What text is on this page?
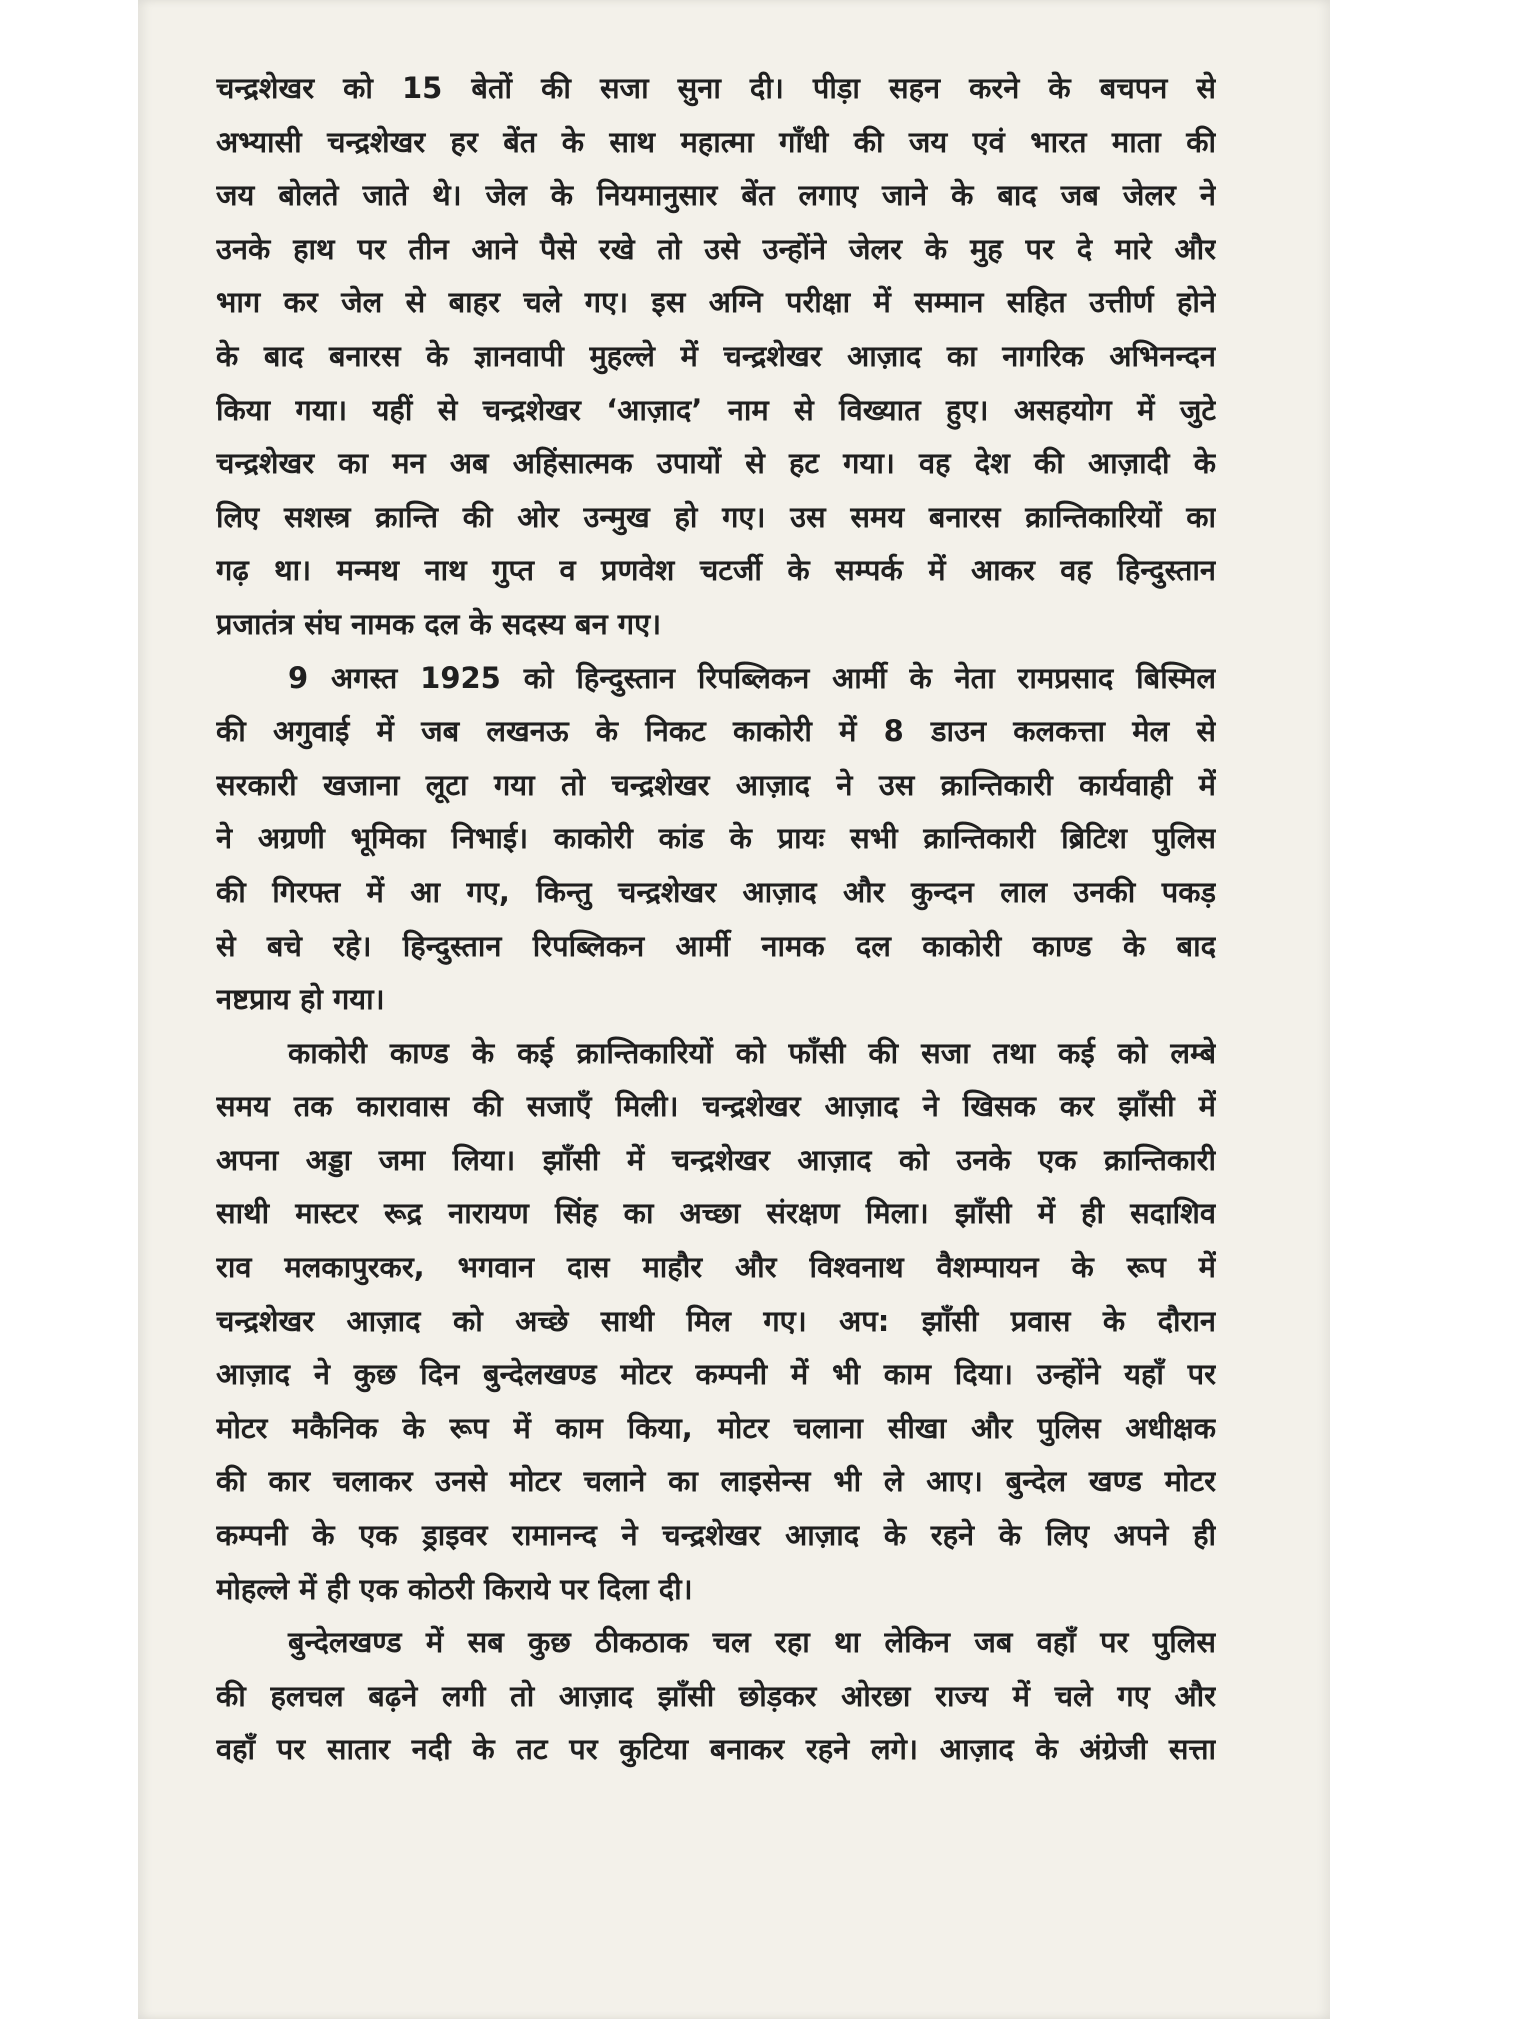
चन्द्रशेखर को 15 बेतों की सजा सुना दी। पीड़ा सहन करने के बचपन से
अभ्यासी चन्द्रशेखर हर बेंत के साथ महात्मा गाँधी की जय एवं भारत माता की
जय बोलते जाते थे। जेल के नियमानुसार बेंत लगाए जाने के बाद जब जेलर ने
उनके हाथ पर तीन आने पैसे रखे तो उसे उन्होंने जेलर के मुह पर दे मारे और
भाग कर जेल से बाहर चले गए। इस अग्नि परीक्षा में सम्मान सहित उत्तीर्ण होने
के बाद बनारस के ज्ञानवापी मुहल्ले में चन्द्रशेखर आज़ाद का नागरिक अभिनन्दन
किया गया। यहीं से चन्द्रशेखर ‘आज़ाद’ नाम से विख्यात हुए। असहयोग में जुटे
चन्द्रशेखर का मन अब अहिंसात्मक उपायों से हट गया। वह देश की आज़ादी के
लिए सशस्त्र क्रान्ति की ओर उन्मुख हो गए। उस समय बनारस क्रान्तिकारियों का
गढ़ था। मन्मथ नाथ गुप्त व प्रणवेश चटर्जी के सम्पर्क में आकर वह हिन्दुस्तान
प्रजातंत्र संघ नामक दल के सदस्य बन गए।
9 अगस्त 1925 को हिन्दुस्तान रिपब्लिकन आर्मी के नेता रामप्रसाद बिस्मिल
की अगुवाई में जब लखनऊ के निकट काकोरी में 8 डाउन कलकत्ता मेल से
सरकारी खजाना लूटा गया तो चन्द्रशेखर आज़ाद ने उस क्रान्तिकारी कार्यवाही में
ने अग्रणी भूमिका निभाई। काकोरी कांड के प्रायः सभी क्रान्तिकारी ब्रिटिश पुलिस
की गिरफ्त में आ गए, किन्तु चन्द्रशेखर आज़ाद और कुन्दन लाल उनकी पकड़
से बचे रहे। हिन्दुस्तान रिपब्लिकन आर्मी नामक दल काकोरी काण्ड के बाद
नष्टप्राय हो गया।
काकोरी काण्ड के कई क्रान्तिकारियों को फाँसी की सजा तथा कई को लम्बे
समय तक कारावास की सजाएँ मिली। चन्द्रशेखर आज़ाद ने खिसक कर झाँसी में
अपना अड्डा जमा लिया। झाँसी में चन्द्रशेखर आज़ाद को उनके एक क्रान्तिकारी
साथी मास्टर रूद्र नारायण सिंह का अच्छा संरक्षण मिला। झाँसी में ही सदाशिव
राव मलकापुरकर, भगवान दास माहौर और विश्वनाथ वैशम्पायन के रूप में
चन्द्रशेखर आज़ाद को अच्छे साथी मिल गए। अप: झाँसी प्रवास के दौरान
आज़ाद ने कुछ दिन बुन्देलखण्ड मोटर कम्पनी में भी काम दिया। उन्होंने यहाँ पर
मोटर मकैनिक के रूप में काम किया, मोटर चलाना सीखा और पुलिस अधीक्षक
की कार चलाकर उनसे मोटर चलाने का लाइसेन्स भी ले आए। बुन्देल खण्ड मोटर
कम्पनी के एक ड्राइवर रामानन्द ने चन्द्रशेखर आज़ाद के रहने के लिए अपने ही
मोहल्ले में ही एक कोठरी किराये पर दिला दी।
बुन्देलखण्ड में सब कुछ ठीकठाक चल रहा था लेकिन जब वहाँ पर पुलिस
की हलचल बढ़ने लगी तो आज़ाद झाँसी छोड़कर ओरछा राज्य में चले गए और
वहाँ पर सातार नदी के तट पर कुटिया बनाकर रहने लगे। आज़ाद के अंग्रेजी सत्ता
